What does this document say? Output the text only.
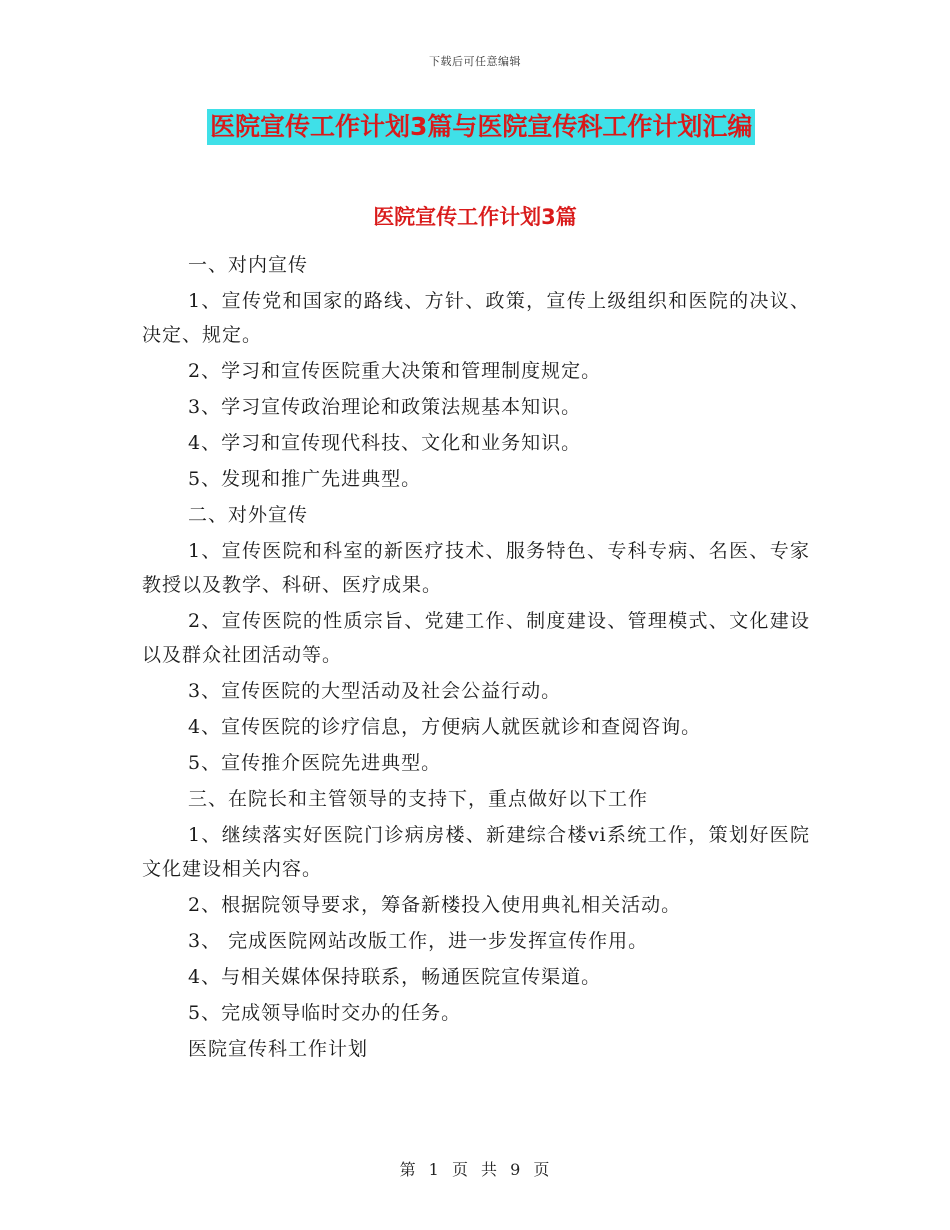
下载后可任意编辑
医院宣传工作计划3篇与医院宣传科工作计划汇编
医院宣传工作计划3篇

一、对内宣传

1、宣传党和国家的路线、方针、政策，宣传上级组织和医院的决议、决定、规定。

2、学习和宣传医院重大决策和管理制度规定。

3、学习宣传政治理论和政策法规基本知识。

4、学习和宣传现代科技、文化和业务知识。

5、发现和推广先进典型。

二、对外宣传

1、宣传医院和科室的新医疗技术、服务特色、专科专病、名医、专家教授以及教学、科研、医疗成果。

2、宣传医院的性质宗旨、党建工作、制度建设、管理模式、文化建设以及群众社团活动等。

3、宣传医院的大型活动及社会公益行动。

4、宣传医院的诊疗信息，方便病人就医就诊和查阅咨询。

5、宣传推介医院先进典型。

三、在院长和主管领导的支持下，重点做好以下工作

1、继续落实好医院门诊病房楼、新建综合楼vi系统工作，策划好医院文化建设相关内容。

2、根据院领导要求，筹备新楼投入使用典礼相关活动。

3、 完成医院网站改版工作，进一步发挥宣传作用。

4、与相关媒体保持联系，畅通医院宣传渠道。

5、完成领导临时交办的任务。

医院宣传科工作计划

第 1 页 共 9 页
